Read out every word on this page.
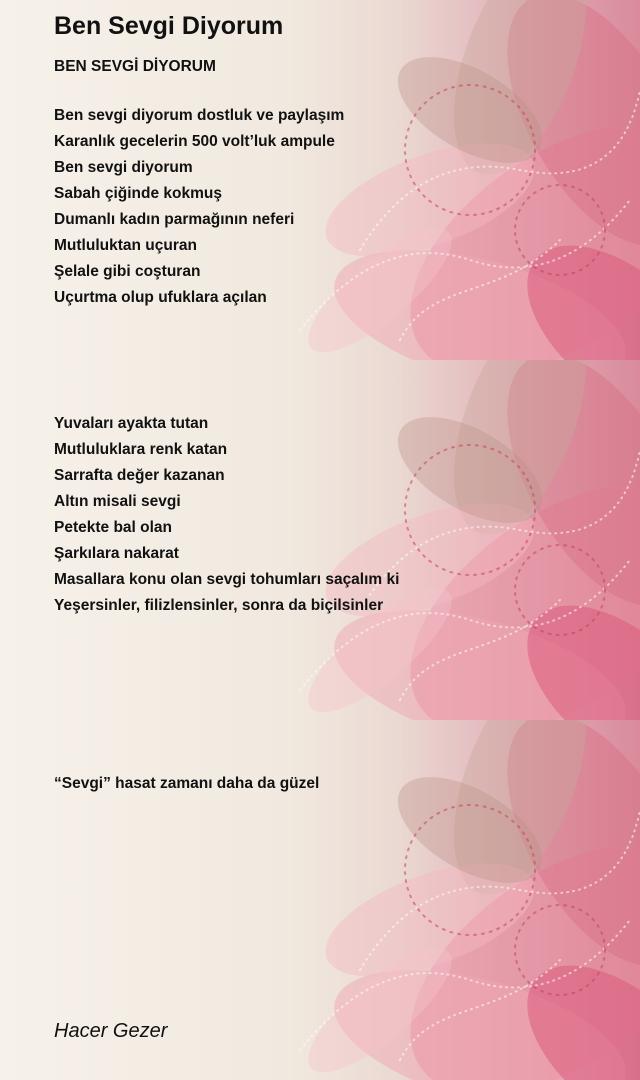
Ben Sevgi Diyorum
BEN SEVGİ DİYORUM
Ben sevgi diyorum dostluk ve paylaşım
Karanlık gecelerin 500 volt’luk ampule
Ben sevgi diyorum
Sabah çiğinde kokmuş
Dumanlı kadın parmağının neferi
Mutluluktan uçuran
Şelale gibi coşturan
Uçurtma olup ufuklara açılan
Yuvaları ayakta tutan
Mutluluklara renk katan
Sarrafta değer kazanan
Altın misali sevgi
Petekte bal olan
Şarkılara nakarat
Masallara konu olan sevgi tohumları saçalım ki
Yeşersinler, filizlensinler, sonra da biçilsinler
“Sevgi” hasat zamanı daha da güzel
Hacer Gezer
